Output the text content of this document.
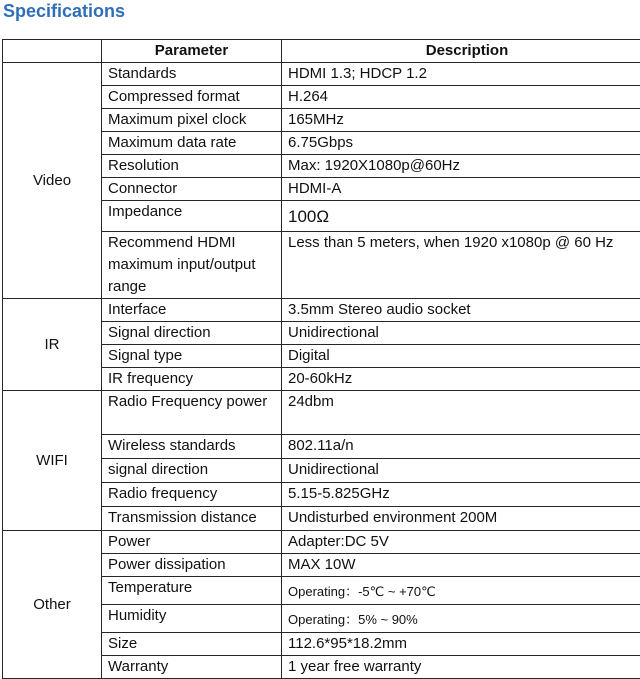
Specifications
	Parameter	Description
Video	Standards	HDMI 1.3; HDCP 1.2
	Compressed format	H.264
	Maximum pixel clock	165MHz
	Maximum data rate	6.75Gbps
	Resolution	Max: 1920X1080p@60Hz
	Connector	HDMI-A
	Impedance	100Ω
	Recommend HDMI maximum input/output range	Less than 5 meters, when 1920 x1080p @ 60 Hz
IR	Interface	3.5mm Stereo audio socket
	Signal direction	Unidirectional
	Signal type	Digital
	IR frequency	20-60kHz
WIFI	Radio Frequency power	24dbm
	Wireless standards	802.11a/n
	signal direction	Unidirectional
	Radio frequency	5.15-5.825GHz
	Transmission distance	Undisturbed environment 200M
Other	Power	Adapter:DC 5V
	Power dissipation	MAX 10W
	Temperature	Operating：-5℃ ~ +70℃
	Humidity	Operating：5% ~ 90%
	Size	112.6*95*18.2mm
	Warranty	1 year free warranty
